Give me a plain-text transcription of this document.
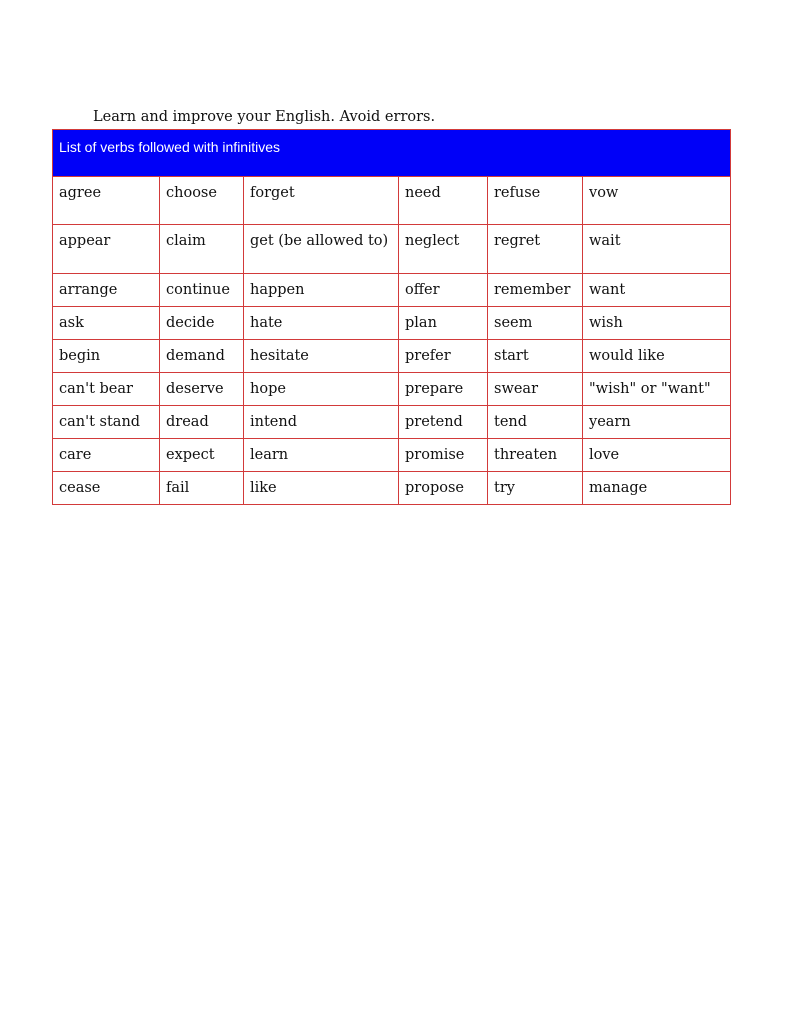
Learn and improve your English. Avoid errors.
List of verbs followed with infinitives					
agree	choose	forget	need	refuse	vow
appear	claim	get (be allowed to)	neglect	regret	wait
arrange	continue	happen	offer	remember	want
ask	decide	hate	plan	seem	wish
begin	demand	hesitate	prefer	start	would like
can't bear	deserve	hope	prepare	swear	"wish" or "want"
can't stand	dread	intend	pretend	tend	yearn
care	expect	learn	promise	threaten	love
cease	fail	like	propose	try	manage
